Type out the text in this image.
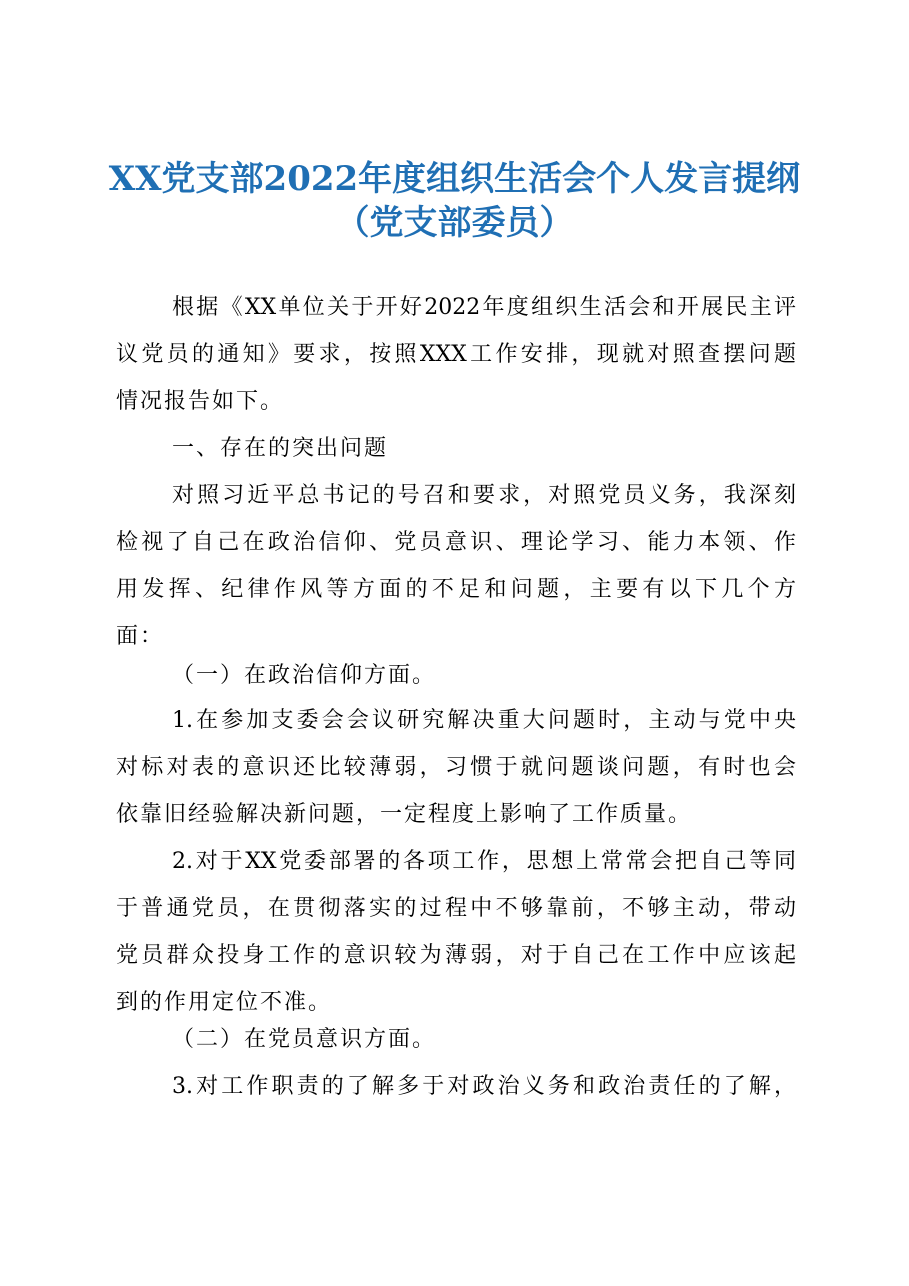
XX党支部2022年度组织生活会个人发言提纲
（党支部委员）
根据《XX单位关于开好2022年度组织生活会和开展民主评
议党员的通知》要求，按照XXX工作安排，现就对照查摆问题
情况报告如下。
一、存在的突出问题
对照习近平总书记的号召和要求，对照党员义务，我深刻
检视了自己在政治信仰、党员意识、理论学习、能力本领、作
用发挥、纪律作风等方面的不足和问题，主要有以下几个方
面：
（一）在政治信仰方面。
1.在参加支委会会议研究解决重大问题时，主动与党中央
对标对表的意识还比较薄弱，习惯于就问题谈问题，有时也会
依靠旧经验解决新问题，一定程度上影响了工作质量。
2.对于XX党委部署的各项工作，思想上常常会把自己等同
于普通党员，在贯彻落实的过程中不够靠前，不够主动，带动
党员群众投身工作的意识较为薄弱，对于自己在工作中应该起
到的作用定位不准。
（二）在党员意识方面。
3.对工作职责的了解多于对政治义务和政治责任的了解，
